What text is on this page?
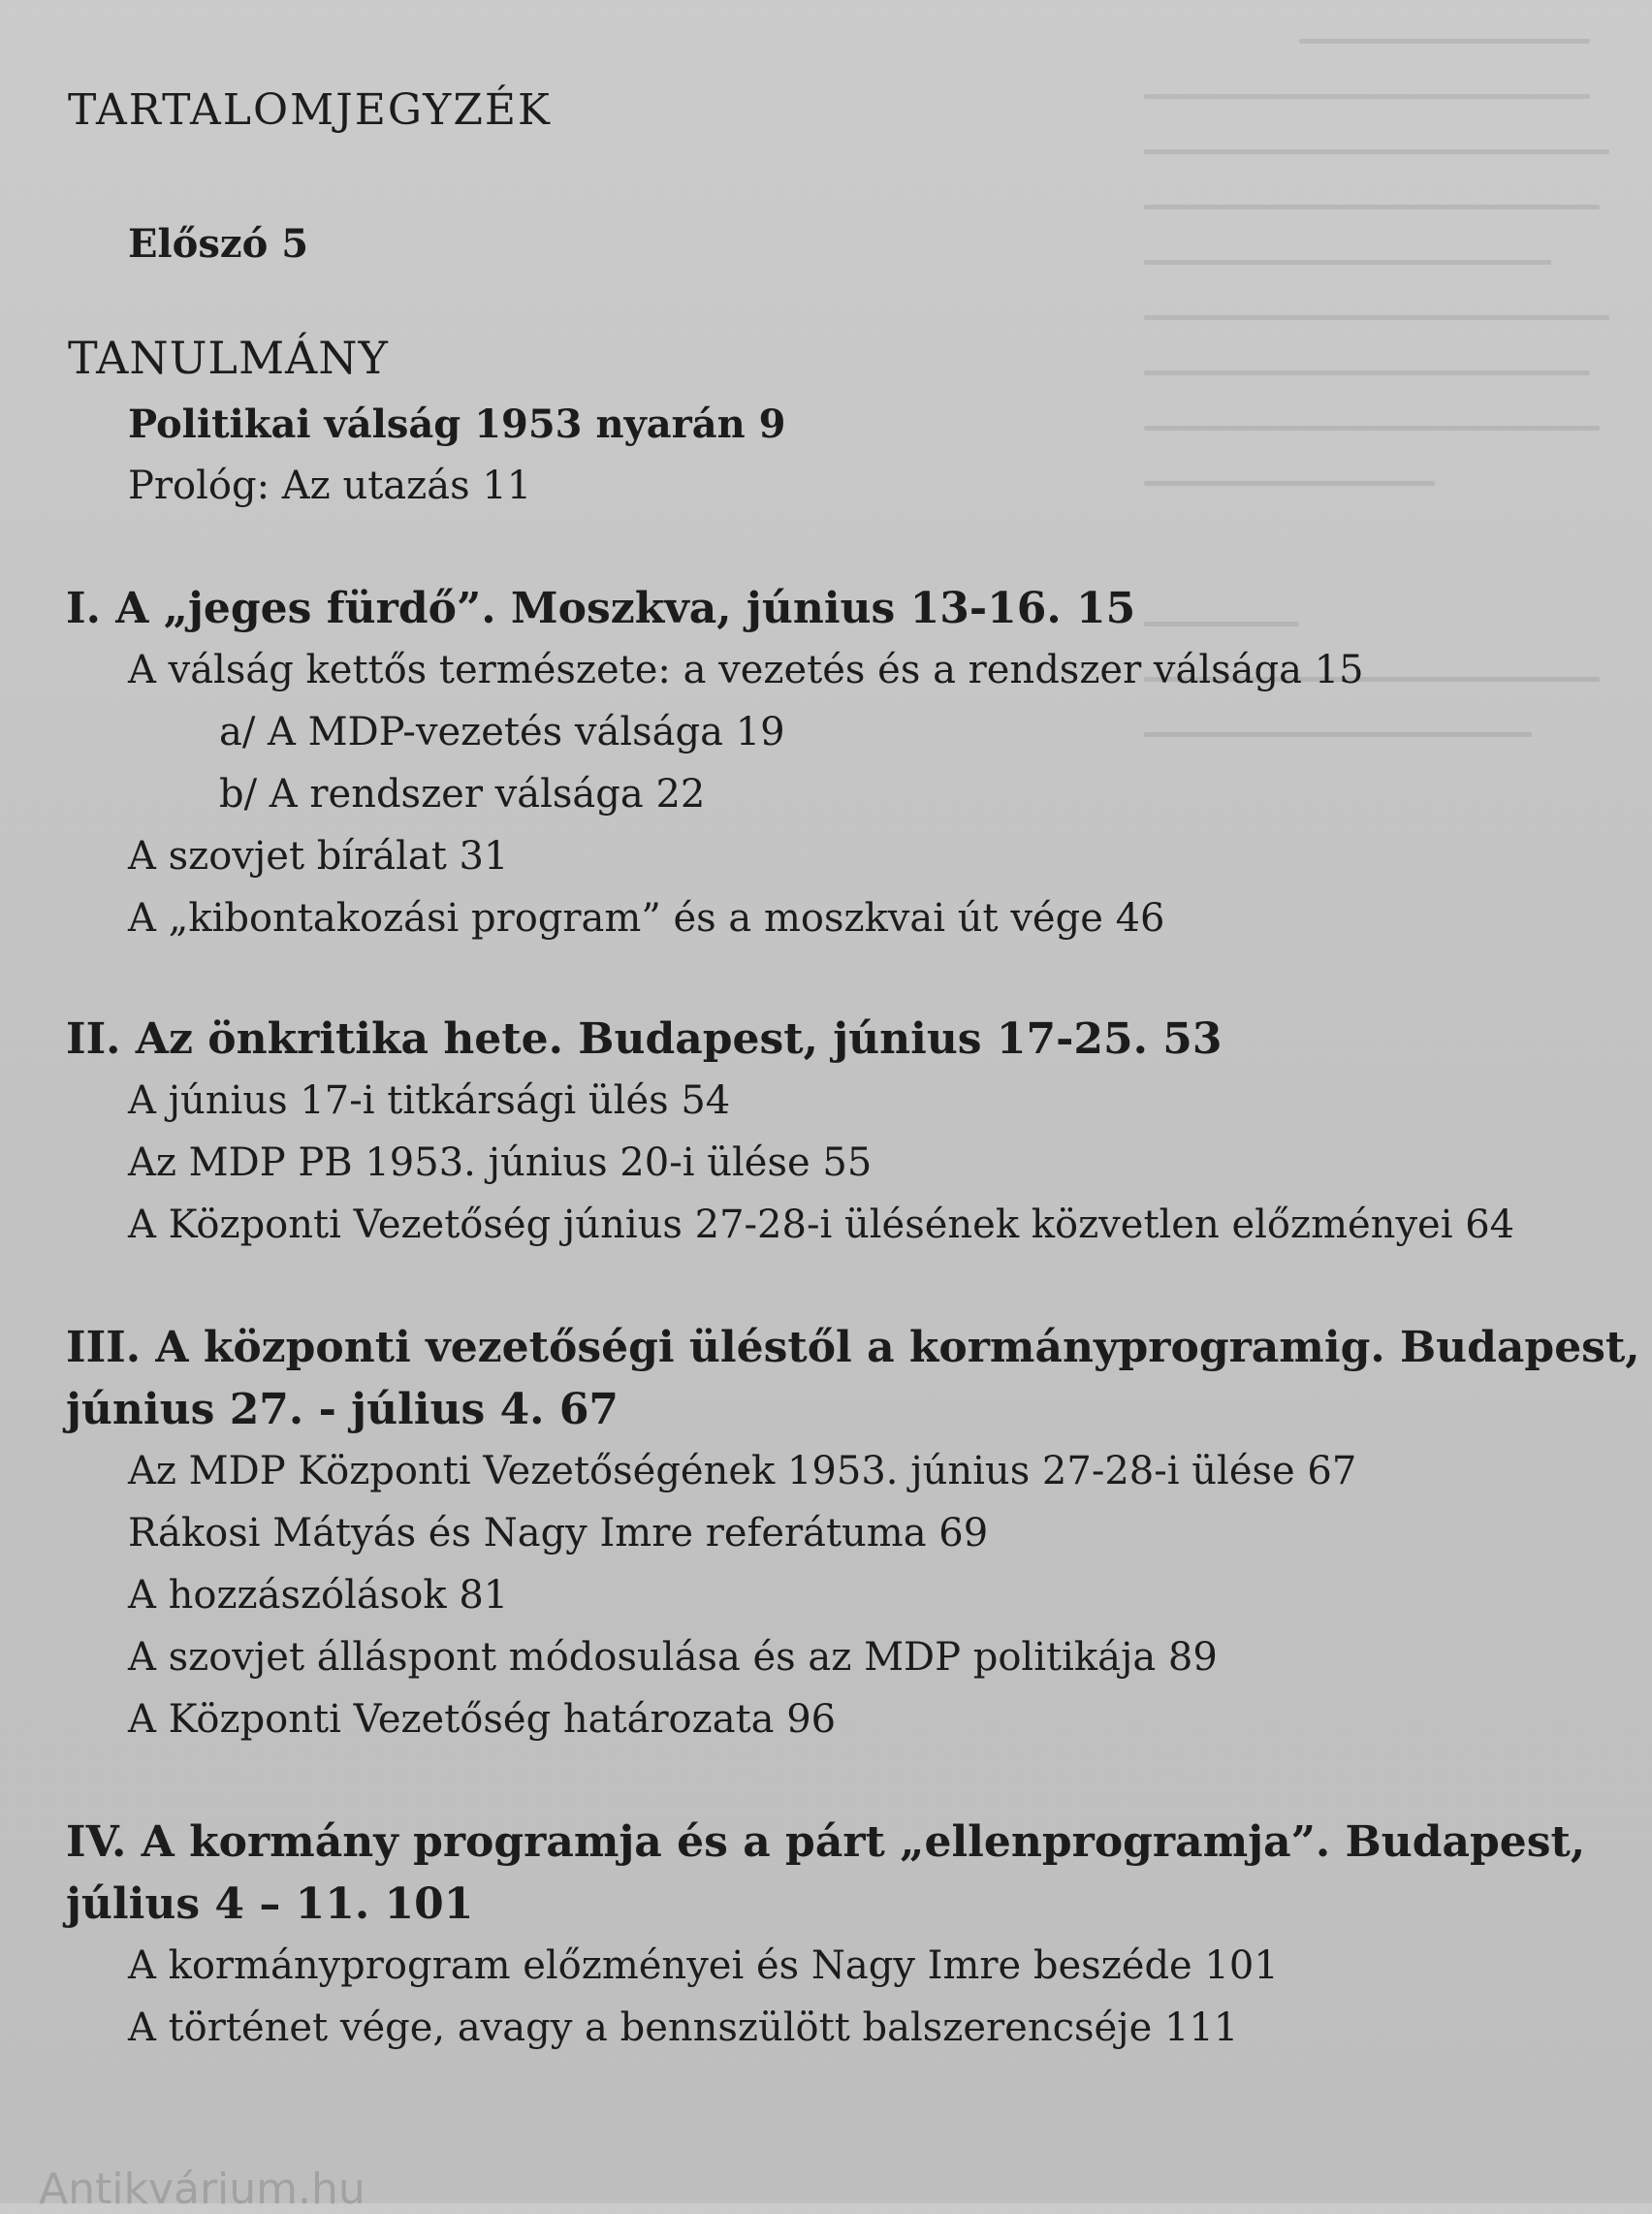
TARTALOMJEGYZÉK
Előszó 5
TANULMÁNY
Politikai válság 1953 nyarán 9
Prológ: Az utazás 11
I. A „jeges fürdő”. Moszkva, június 13-16. 15
A válság kettős természete: a vezetés és a rendszer válsága 15
a/ A MDP-vezetés válsága 19
b/ A rendszer válsága 22
A szovjet bírálat 31
A „kibontakozási program” és a moszkvai út vége 46
II. Az önkritika hete. Budapest, június 17-25. 53
A június 17-i titkársági ülés 54
Az MDP PB 1953. június 20-i ülése 55
A Központi Vezetőség június 27-28-i ülésének közvetlen előzményei 64
III. A központi vezetőségi üléstől a kormányprogramig. Budapest,
június 27. - július 4. 67
Az MDP Központi Vezetőségének 1953. június 27-28-i ülése 67
Rákosi Mátyás és Nagy Imre referátuma 69
A hozzászólások 81
A szovjet álláspont módosulása és az MDP politikája 89
A Központi Vezetőség határozata 96
IV. A kormány programja és a párt „ellenprogramja”. Budapest,
július 4 – 11. 101
A kormányprogram előzményei és Nagy Imre beszéde 101
A történet vége, avagy a bennszülött balszerencséje 111
Antikvárium.hu
